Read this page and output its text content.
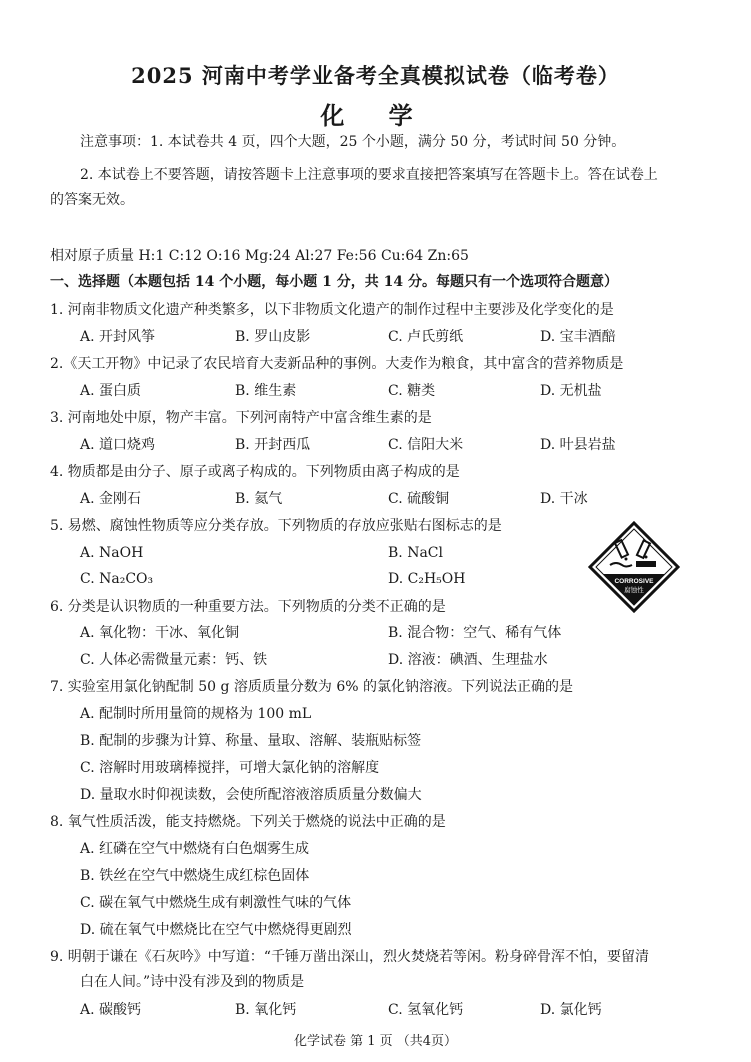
2025 河南中考学业备考全真模拟试卷（临考卷）
化 学
注意事项：1. 本试卷共 4 页，四个大题，25 个小题，满分 50 分，考试时间 50 分钟。
2. 本试卷上不要答题，请按答题卡上注意事项的要求直接把答案填写在答题卡上。答在试卷上
的答案无效。
相对原子质量 H:1 C:12 O:16 Mg:24 Al:27 Fe:56 Cu:64 Zn:65
一、选择题（本题包括 14 个小题，每小题 1 分，共 14 分。每题只有一个选项符合题意）
1. 河南非物质文化遗产种类繁多，以下非物质文化遗产的制作过程中主要涉及化学变化的是
A. 开封风筝	B. 罗山皮影	C. 卢氏剪纸	D. 宝丰酒醅
2.《天工开物》中记录了农民培育大麦新品种的事例。大麦作为粮食，其中富含的营养物质是
A. 蛋白质	B. 维生素	C. 糖类	D. 无机盐
3. 河南地处中原，物产丰富。下列河南特产中富含维生素的是
A. 道口烧鸡	B. 开封西瓜	C. 信阳大米	D. 叶县岩盐
4. 物质都是由分子、原子或离子构成的。下列物质由离子构成的是
A. 金刚石	B. 氦气	C. 硫酸铜	D. 干冰
5. 易燃、腐蚀性物质等应分类存放。下列物质的存放应张贴右图标志的是
A. NaOH	B. NaCl
C. Na₂CO₃	D. C₂H₅OH	CORROSIVE
腐蚀性
6. 分类是认识物质的一种重要方法。下列物质的分类不正确的是
A. 氧化物：干冰、氧化铜	B. 混合物：空气、稀有气体
C. 人体必需微量元素：钙、铁	D. 溶液：碘酒、生理盐水
7. 实验室用氯化钠配制 50 g 溶质质量分数为 6% 的氯化钠溶液。下列说法正确的是
A. 配制时所用量筒的规格为 100 mL
B. 配制的步骤为计算、称量、量取、溶解、装瓶贴标签
C. 溶解时用玻璃棒搅拌，可增大氯化钠的溶解度
D. 量取水时仰视读数，会使所配溶液溶质质量分数偏大
8. 氧气性质活泼，能支持燃烧。下列关于燃烧的说法中正确的是
A. 红磷在空气中燃烧有白色烟雾生成
B. 铁丝在空气中燃烧生成红棕色固体
C. 碳在氧气中燃烧生成有刺激性气味的气体
D. 硫在氧气中燃烧比在空气中燃烧得更剧烈
9. 明朝于谦在《石灰吟》中写道：“千锤万凿出深山，烈火焚烧若等闲。粉身碎骨浑不怕，要留清
白在人间。”诗中没有涉及到的物质是
A. 碳酸钙	B. 氧化钙	C. 氢氧化钙	D. 氯化钙
化学试卷 第 1 页 （共4页）
